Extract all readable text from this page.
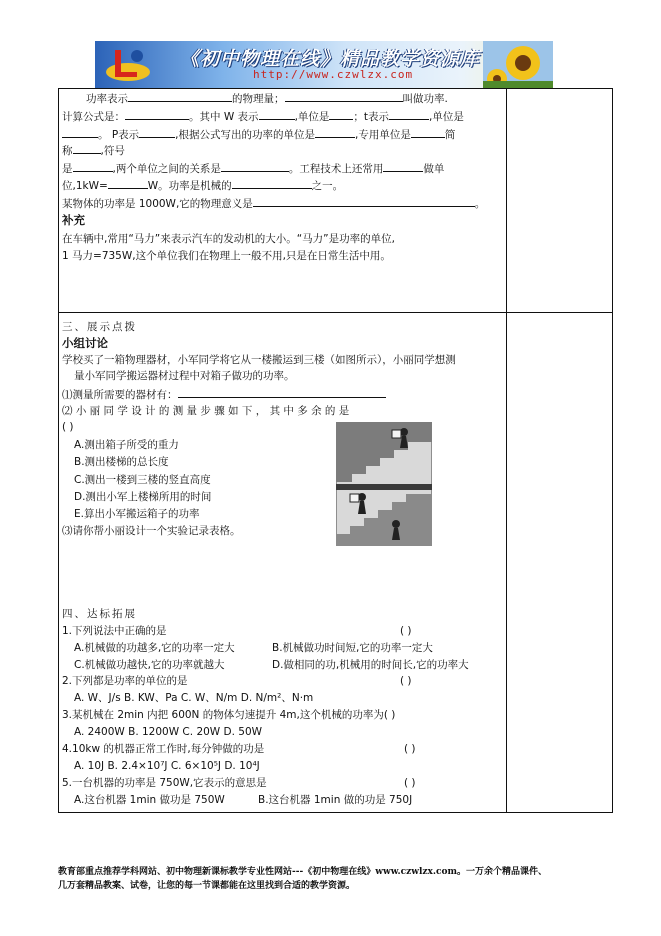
《初中物理在线》精品教学资源库
http://www.czwlzx.com
功率表示	的物理量；	叫做功率.
计算公式是：	。其中 W 表示	,单位是 ；t表示	,单位是
。 P表示	,根据公式写出的功率的单位是	,专用单位是	简
称	,符号
是	,两个单位之间的关系是	。工程技术上还常用	做单
位,1kW=	W。功率是机械的	之一。
某物体的功率是 1000W,它的物理意义是	。
补充
在车辆中,常用“马力”来表示汽车的发动机的大小。“马力”是功率的单位,
1 马力=735W,这个单位我们在物理上一般不用,只是在日常生活中用。
三、展示点拨
小组讨论
学校买了一箱物理器材，小军同学将它从一楼搬运到三楼（如图所示），小丽同学想测
量小军同学搬运器材过程中对箱子做功的功率。
⑴测量所需要的器材有：
⑵ 小 丽 同 学 设 计 的 测 量 步 骤 如 下 ， 其 中 多 余 的 是
( )
A.测出箱子所受的重力
B.测出楼梯的总长度
C.测出一楼到三楼的竖直高度
D.测出小军上楼梯所用的时间
E.算出小军搬运箱子的功率
⑶请你帮小丽设计一个实验记录表格。
四、达标拓展
1.下列说法中正确的是	( )
A.机械做的功越多,它的功率一定大	B.机械做功时间短,它的功率一定大
C.机械做功越快,它的功率就越大	D.做相同的功,机械用的时间长,它的功率大
2.下列都是功率的单位的是	( )
A. W、J/s B. KW、Pa C. W、N/m D. N/m²、N·m
3.某机械在 2min 内把 600N 的物体匀速提升 4m,这个机械的功率为( )
A. 2400W B. 1200W C. 20W D. 50W
4.10kw 的机器正常工作时,每分钟做的功是	( )
A. 10J B. 2.4×10⁷J C. 6×10⁵J D. 10⁴J
5.一台机器的功率是 750W,它表示的意思是	( )
A.这台机器 1min 做功是 750W	B.这台机器 1min 做的功是 750J
教育部重点推荐学科网站、初中物理新课标教学专业性网站---《初中物理在线》www.czwlzx.com。一万余个精品课件、
几万套精品教案、试卷，让您的每一节课都能在这里找到合适的教学资源。
